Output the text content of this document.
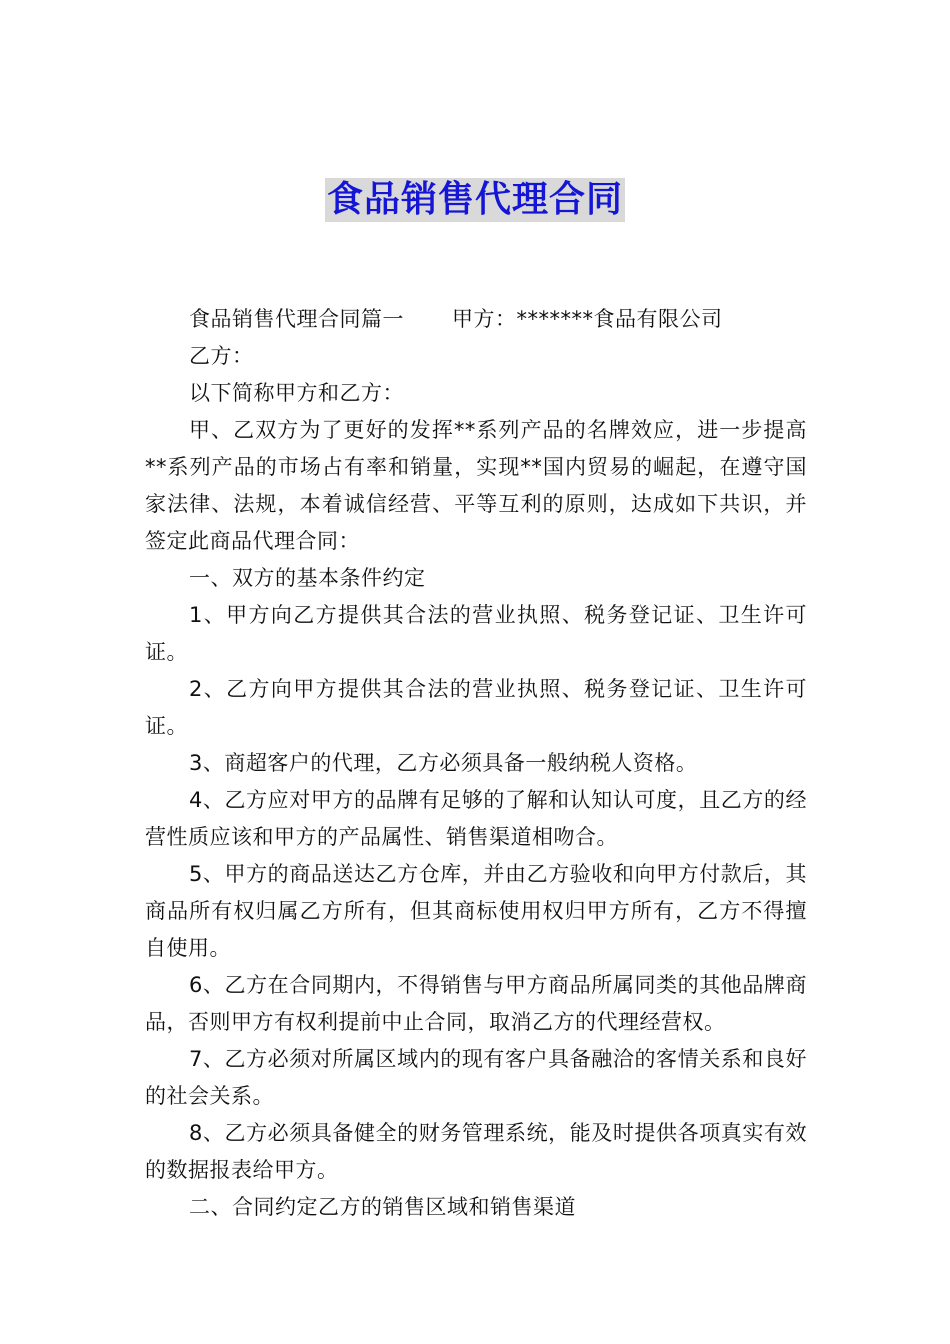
食品销售代理合同

食品销售代理合同篇一 甲方：*******食品有限公司

乙方：

以下简称甲方和乙方：

甲、乙双方为了更好的发挥**系列产品的名牌效应，进一步提高**系列产品的市场占有率和销量，实现**国内贸易的崛起，在遵守国家法律、法规，本着诚信经营、平等互利的原则，达成如下共识，并签定此商品代理合同：

一、双方的基本条件约定

1、甲方向乙方提供其合法的营业执照、税务登记证、卫生许可证。

2、乙方向甲方提供其合法的营业执照、税务登记证、卫生许可证。

3、商超客户的代理，乙方必须具备一般纳税人资格。

4、乙方应对甲方的品牌有足够的了解和认知认可度，且乙方的经营性质应该和甲方的产品属性、销售渠道相吻合。

5、甲方的商品送达乙方仓库，并由乙方验收和向甲方付款后，其商品所有权归属乙方所有，但其商标使用权归甲方所有，乙方不得擅自使用。

6、乙方在合同期内，不得销售与甲方商品所属同类的其他品牌商品，否则甲方有权利提前中止合同，取消乙方的代理经营权。

7、乙方必须对所属区域内的现有客户具备融洽的客情关系和良好的社会关系。

8、乙方必须具备健全的财务管理系统，能及时提供各项真实有效的数据报表给甲方。

二、合同约定乙方的销售区域和销售渠道
